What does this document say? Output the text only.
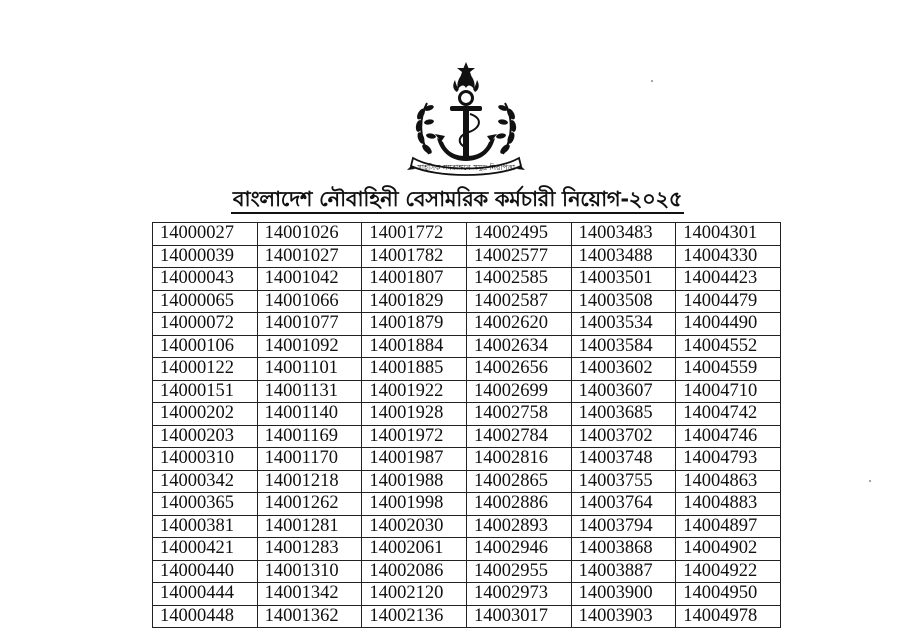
সাহসিক সমরাঙ্গনে সমুদ্র নিরাপত্তা
বাংলাদেশ নৌবাহিনী বেসামরিক কর্মচারী নিয়োগ-২০২৫
14000027	14001026	14001772	14002495	14003483	14004301
14000039	14001027	14001782	14002577	14003488	14004330
14000043	14001042	14001807	14002585	14003501	14004423
14000065	14001066	14001829	14002587	14003508	14004479
14000072	14001077	14001879	14002620	14003534	14004490
14000106	14001092	14001884	14002634	14003584	14004552
14000122	14001101	14001885	14002656	14003602	14004559
14000151	14001131	14001922	14002699	14003607	14004710
14000202	14001140	14001928	14002758	14003685	14004742
14000203	14001169	14001972	14002784	14003702	14004746
14000310	14001170	14001987	14002816	14003748	14004793
14000342	14001218	14001988	14002865	14003755	14004863
14000365	14001262	14001998	14002886	14003764	14004883
14000381	14001281	14002030	14002893	14003794	14004897
14000421	14001283	14002061	14002946	14003868	14004902
14000440	14001310	14002086	14002955	14003887	14004922
14000444	14001342	14002120	14002973	14003900	14004950
14000448	14001362	14002136	14003017	14003903	14004978
